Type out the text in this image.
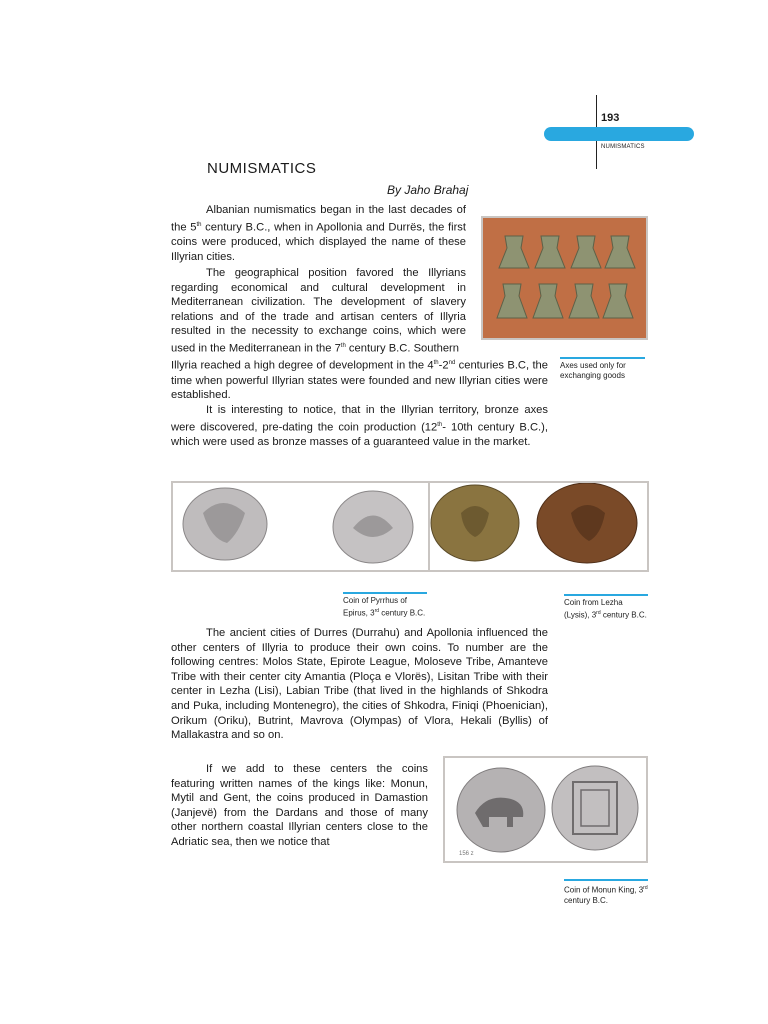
193
NUMISMATICS
NUMISMATICS
By Jaho Brahaj

Albanian numismatics began in the last decades of the 5th century B.C., when in Apollonia and Durrës, the first coins were produced, which displayed the name of these Illyrian cities.

The geographical position favored the Illyrians regarding economical and cultural development in Mediterranean civilization. The development of slavery relations and of the trade and artisan centers of Illyria resulted in the necessity to exchange coins, which were used in the Mediterranean in the 7th century B.C. Southern
Illyria reached a high degree of development in the 4th-2nd centuries B.C, the time when powerful Illyrian states were founded and new Illyrian cities were established.

It is interesting to notice, that in the Illyrian territory, bronze axes were discovered, pre-dating the coin production (12th- 10th century B.C.), which were used as bronze masses of a guaranteed value in the market.

Axes used only for exchanging goods
Coin of Pyrrhus of Epirus, 3rd century B.C.
Coin from Lezha (Lysis), 3rd century B.C.

The ancient cities of Durres (Durrahu) and Apollonia influenced the other centers of Illyria to produce their own coins. To number are the following centres: Molos State, Epirote League, Moloseve Tribe, Amanteve Tribe with their center city Amantia (Ploça e Vlorës), Lisitan Tribe with their center in Lezha (Lisi), Labian Tribe (that lived in the highlands of Shkodra and Puka, including Montenegro), the cities of Shkodra, Finiqi (Phoenician), Orikum (Oriku), Butrint, Mavrova (Olympas) of Vlora, Hekali (Byllis) of Mallakastra and so on.

If we add to these centers the coins featuring written names of the kings like: Monun, Mytil and Gent, the coins produced in Damastion (Janjevë) from the Dardans and those of many other northern coastal Illyrian centers close to the Adriatic sea, then we notice that

156 z
Coin of Monun King, 3rd century B.C.
